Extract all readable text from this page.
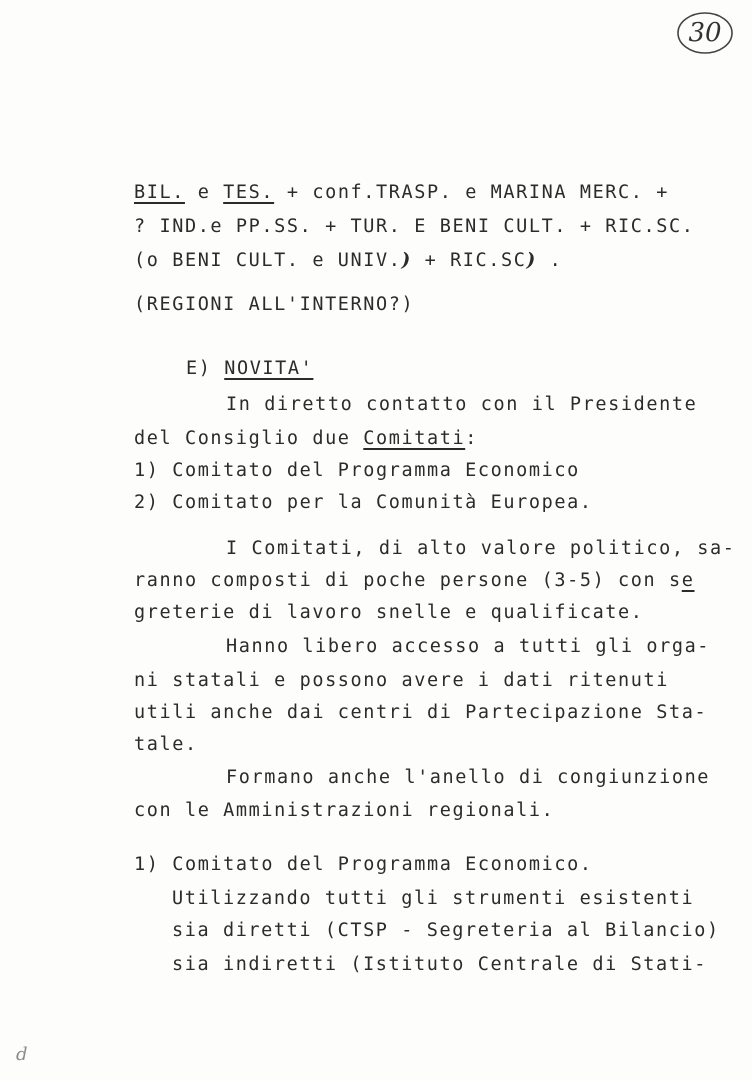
30
BIL. e TES. + conf.TRASP. e MARINA MERC. +
? IND.e PP.SS. + TUR. E BENI CULT. + RIC.SC.
(o BENI CULT. e UNIV.) + RIC.SC) .
(REGIONI ALL'INTERNO?)
E) NOVITA'
In diretto contatto con il Presidente
del Consiglio due Comitati:
1) Comitato del Programma Economico
2) Comitato per la Comunità Europea.
I Comitati, di alto valore politico, sa-
ranno composti di poche persone (3-5) con se
greterie di lavoro snelle e qualificate.
Hanno libero accesso a tutti gli orga-
ni statali e possono avere i dati ritenuti
utili anche dai centri di Partecipazione Sta-
tale.
Formano anche l'anello di congiunzione
con le Amministrazioni regionali.
1) Comitato del Programma Economico.
Utilizzando tutti gli strumenti esistenti
sia diretti (CTSP - Segreteria al Bilancio)
sia indiretti (Istituto Centrale di Stati-
d
